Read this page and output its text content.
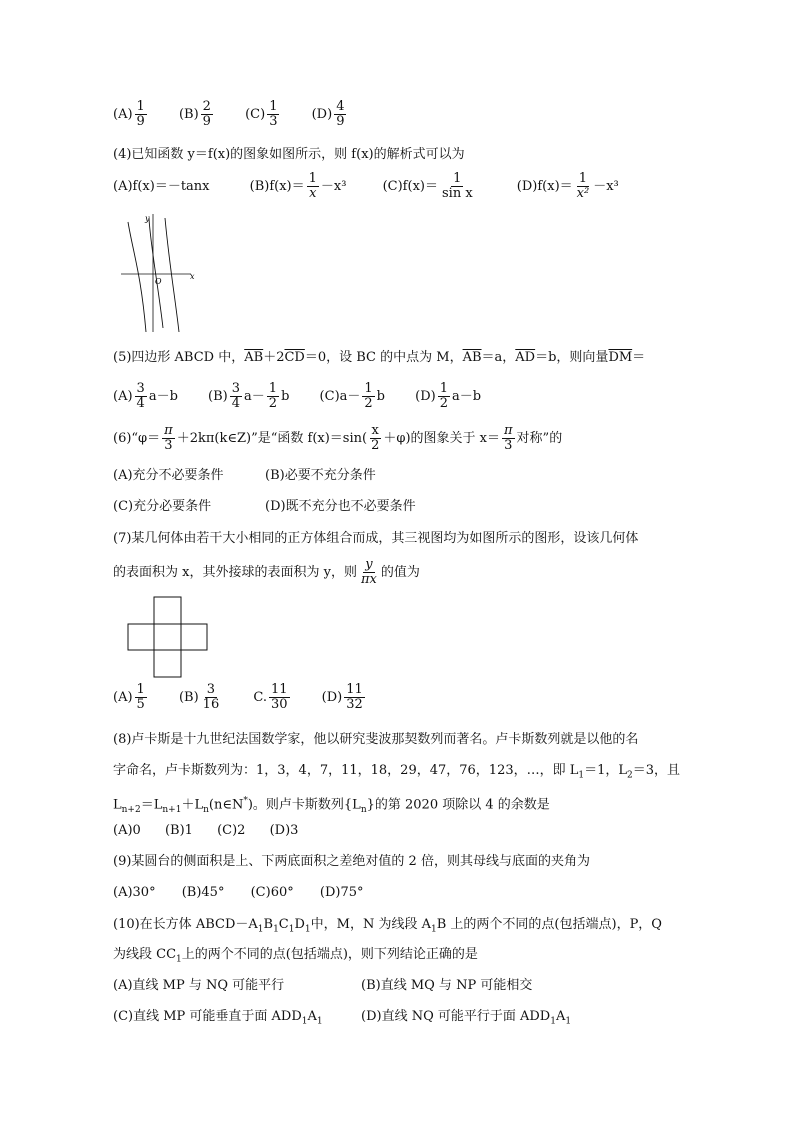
$(A) \frac{1}{9}$
$(B) \frac{2}{9}$
$(C) \frac{1}{3}$
$(D) \frac{4}{9}$
(4)已知函数 y＝f(x)的图象如图所示，则 f(x)的解析式可以为
(A)f(x)＝－tanx	$(B)f(x)= \frac{1}{x} -x^3$	$(C)f(x)= \frac{1}{\text{sin x}}$	$(D)f(x)= \frac{1}{\text{x²}} -x^3$
y
x
O
(5)四边形 ABCD 中，$\overline{AB}+2\overline{CD}=0$，设 BC 的中点为 M，$\overline{AB}=a$，$\overline{AD}=b$，则向量$\overline{DM}=$
$(A) \frac{3}{4} a-b$
$(B) \frac{3}{4} a- \frac{1}{2}$ b
$(C)a- \frac{1}{2}$ b
$(D) \frac{1}{2} a-b$
(6)“φ＝ $\frac{\pi}{3}$ ＋2kπ(k∈Z)”是“函数 $f(x)=\sin( \frac{x}{2} +\varphi)$的图象关于 $x= \frac{\pi}{3}$ 对称”的
(A)充分不必要条件	(B)必要不充分条件
(C)充分必要条件	(D)既不充分也不必要条件
(7)某几何体由若干大小相同的正方体组合而成，其三视图均为如图所示的图形，设该几何体
的表面积为 x，其外接球的表面积为 y，则 $\frac{y}{\pi x}$ 的值为
$(A) \frac{1}{5}$
$(B) \frac{3}{16}$
C. $\frac{11}{30}$
$(D) \frac{11}{32}$
(8)卢卡斯是十九世纪法国数学家，他以研究斐波那契数列而著名。卢卡斯数列就是以他的名
字命名，卢卡斯数列为：1，3，4，7，11，18，29，47，76，123，…，即 $L_1=1$，$L_2=3$，且
$L_{n+2}=L_{n+1}+L_n(n\in N^*)$。则卢卡斯数列$\{L_n\}$的第 2020 项除以 4 的余数是
(A)0 (B)1 (C)2 (D)3
(9)某圆台的侧面积是上、下两底面积之差绝对值的 2 倍，则其母线与底面的夹角为
(A)30° (B)45° (C)60° (D)75°
(10)在长方体 $ABCD-A_1B_1C_1D_1$中，M，N 为线段 $A_1B$ 上的两个不同的点(包括端点)，P，Q
为线段 $CC_1$上的两个不同的点(包括端点)，则下列结论正确的是
(A)直线 MP 与 NQ 可能平行	(B)直线 MQ 与 NP 可能相交
(C)直线 MP 可能垂直于面 $ADD_1A_1$	(D)直线 NQ 可能平行于面 $ADD_1A_1$
